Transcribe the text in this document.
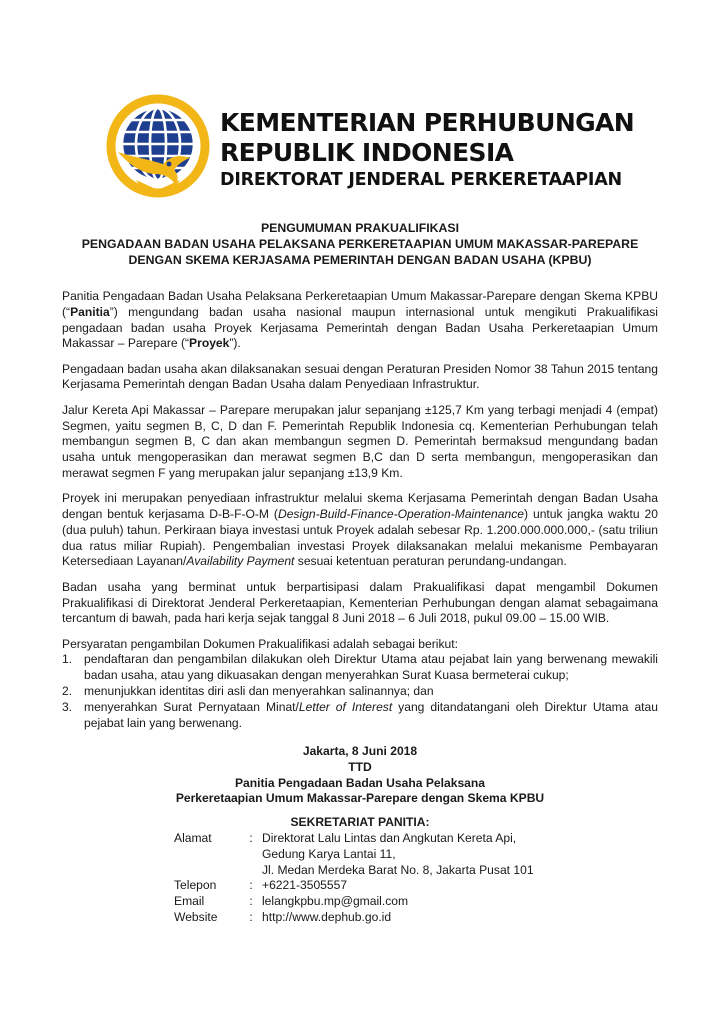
KEMENTERIAN PERHUBUNGAN
REPUBLIK INDONESIA
DIREKTORAT JENDERAL PERKERETAAPIAN
PENGUMUMAN PRAKUALIFIKASI
PENGADAAN BADAN USAHA PELAKSANA PERKERETAAPIAN UMUM MAKASSAR-PAREPARE
DENGAN SKEMA KERJASAMA PEMERINTAH DENGAN BADAN USAHA (KPBU)

Panitia Pengadaan Badan Usaha Pelaksana Perkeretaapian Umum Makassar-Parepare dengan Skema KPBU (“Panitia”) mengundang badan usaha nasional maupun internasional untuk mengikuti Prakualifikasi pengadaan badan usaha Proyek Kerjasama Pemerintah dengan Badan Usaha Perkeretaapian Umum Makassar – Parepare (“Proyek”).

Pengadaan badan usaha akan dilaksanakan sesuai dengan Peraturan Presiden Nomor 38 Tahun 2015 tentang Kerjasama Pemerintah dengan Badan Usaha dalam Penyediaan Infrastruktur.

Jalur Kereta Api Makassar – Parepare merupakan jalur sepanjang ±125,7 Km yang terbagi menjadi 4 (empat) Segmen, yaitu segmen B, C, D dan F. Pemerintah Republik Indonesia cq. Kementerian Perhubungan telah membangun segmen B, C dan akan membangun segmen D. Pemerintah bermaksud mengundang badan usaha untuk mengoperasikan dan merawat segmen B,C dan D serta membangun, mengoperasikan dan merawat segmen F yang merupakan jalur sepanjang ±13,9 Km.

Proyek ini merupakan penyediaan infrastruktur melalui skema Kerjasama Pemerintah dengan Badan Usaha dengan bentuk kerjasama D-B-F-O-M (Design-Build-Finance-Operation-Maintenance) untuk jangka waktu 20 (dua puluh) tahun. Perkiraan biaya investasi untuk Proyek adalah sebesar Rp. 1.200.000.000.000,- (satu triliun dua ratus miliar Rupiah). Pengembalian investasi Proyek dilaksanakan melalui mekanisme Pembayaran Ketersediaan Layanan/Availability Payment sesuai ketentuan peraturan perundang-undangan.

Badan usaha yang berminat untuk berpartisipasi dalam Prakualifikasi dapat mengambil Dokumen Prakualifikasi di Direktorat Jenderal Perkeretaapian, Kementerian Perhubungan dengan alamat sebagaimana tercantum di bawah, pada hari kerja sejak tanggal 8 Juni 2018 – 6 Juli 2018, pukul 09.00 – 15.00 WIB.

Persyaratan pengambilan Dokumen Prakualifikasi adalah sebagai berikut:

1. pendaftaran dan pengambilan dilakukan oleh Direktur Utama atau pejabat lain yang berwenang mewakili badan usaha, atau yang dikuasakan dengan menyerahkan Surat Kuasa bermeterai cukup;
2. menunjukkan identitas diri asli dan menyerahkan salinannya; dan
3. menyerahkan Surat Pernyataan Minat/Letter of Interest yang ditandatangani oleh Direktur Utama atau pejabat lain yang berwenang.
Jakarta, 8 Juni 2018
TTD
Panitia Pengadaan Badan Usaha Pelaksana
Perkeretaapian Umum Makassar-Parepare dengan Skema KPBU
SEKRETARIAT PANITIA:
Alamat	: Direktorat Lalu Lintas dan Angkutan Kereta Api,
Gedung Karya Lantai 11,
Jl. Medan Merdeka Barat No. 8, Jakarta Pusat 101
Telepon	: +6221-3505557
Email	: lelangkpbu.mp@gmail.com
Website	: http://www.dephub.go.id
